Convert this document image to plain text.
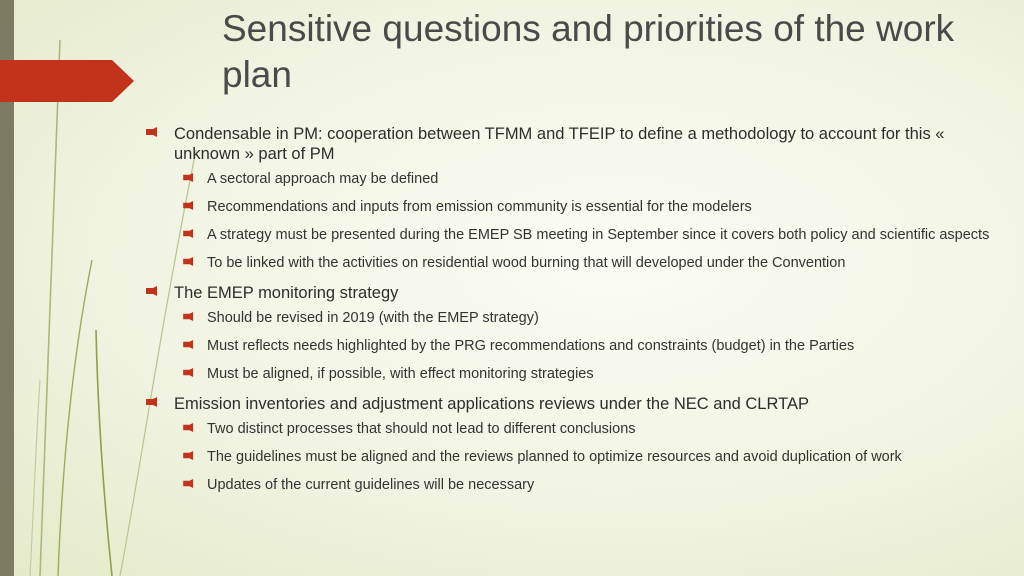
Sensitive questions and priorities of the work plan
Condensable in PM: cooperation between TFMM and TFEIP to define a methodology to account for this « unknown » part of PM
A sectoral approach may be defined
Recommendations and inputs from emission community is essential for the modelers
A strategy must be presented during the EMEP SB meeting in September since it covers both policy and scientific aspects
To be linked with the activities on residential wood burning that will developed under the Convention
The EMEP monitoring strategy
Should be revised in 2019 (with the EMEP strategy)
Must reflects needs highlighted by the PRG recommendations and constraints (budget) in the Parties
Must be aligned, if possible, with effect monitoring strategies
Emission inventories and adjustment applications reviews under the NEC and CLRTAP
Two distinct processes that should not lead to different conclusions
The guidelines must be aligned and the reviews planned to optimize resources and avoid duplication of work
Updates of the current guidelines will be necessary
